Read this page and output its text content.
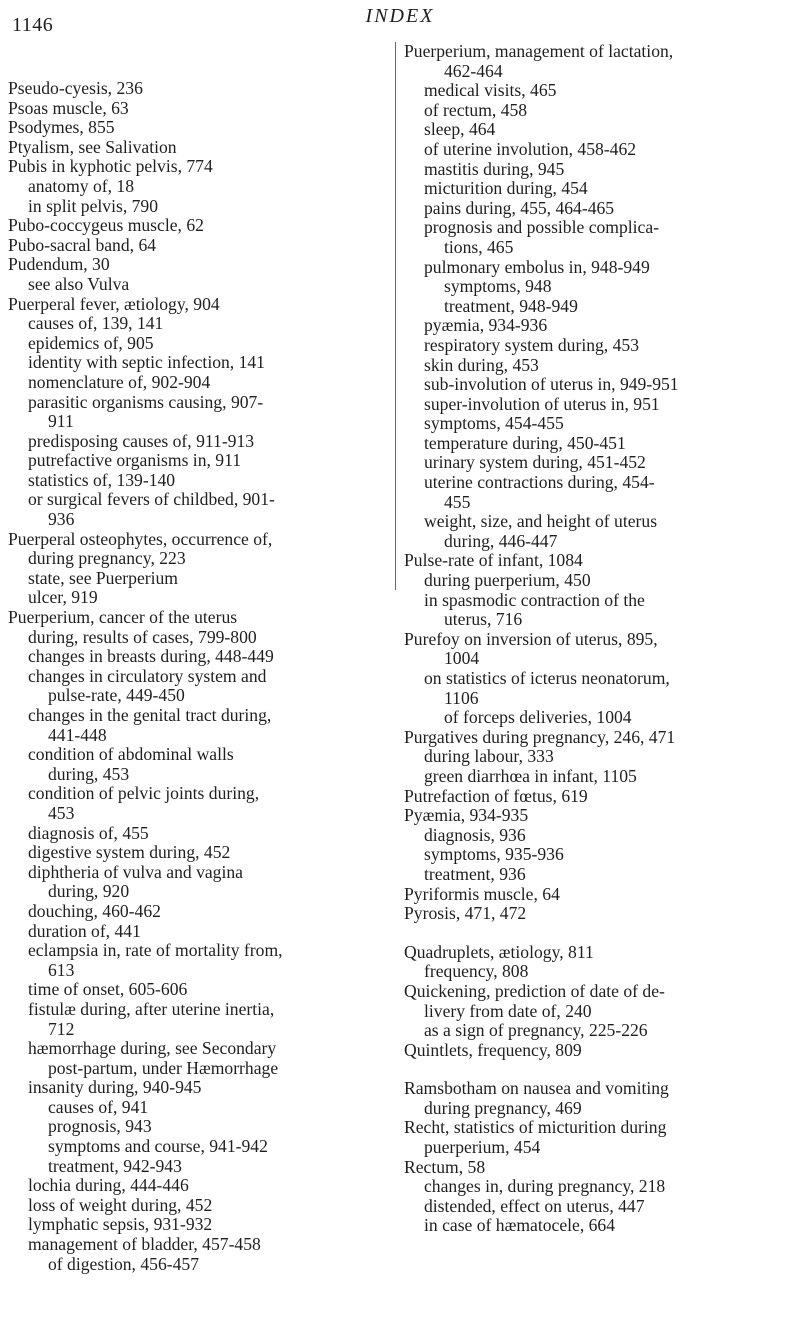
1146	INDEX
Pseudo-cyesis, 236
Psoas muscle, 63
Psodymes, 855
Ptyalism, see Salivation
Pubis in kyphotic pelvis, 774
anatomy of, 18
in split pelvis, 790
Pubo-coccygeus muscle, 62
Pubo-sacral band, 64
Pudendum, 30
see also Vulva
Puerperal fever, ætiology, 904
causes of, 139, 141
epidemics of, 905
identity with septic infection, 141
nomenclature of, 902-904
parasitic organisms causing, 907-
911
predisposing causes of, 911-913
putrefactive organisms in, 911
statistics of, 139-140
or surgical fevers of childbed, 901-
936
Puerperal osteophytes, occurrence of,
during pregnancy, 223
state, see Puerperium
ulcer, 919
Puerperium, cancer of the uterus
during, results of cases, 799-800
changes in breasts during, 448-449
changes in circulatory system and
pulse-rate, 449-450
changes in the genital tract during,
441-448
condition of abdominal walls
during, 453
condition of pelvic joints during,
453
diagnosis of, 455
digestive system during, 452
diphtheria of vulva and vagina
during, 920
douching, 460-462
duration of, 441
eclampsia in, rate of mortality from,
613
time of onset, 605-606
fistulæ during, after uterine inertia,
712
hæmorrhage during, see Secondary
post-partum, under Hæmorrhage
insanity during, 940-945
causes of, 941
prognosis, 943
symptoms and course, 941-942
treatment, 942-943
lochia during, 444-446
loss of weight during, 452
lymphatic sepsis, 931-932
management of bladder, 457-458
of digestion, 456-457
Puerperium, management of lactation,
462-464
medical visits, 465
of rectum, 458
sleep, 464
of uterine involution, 458-462
mastitis during, 945
micturition during, 454
pains during, 455, 464-465
prognosis and possible complica-
tions, 465
pulmonary embolus in, 948-949
symptoms, 948
treatment, 948-949
pyæmia, 934-936
respiratory system during, 453
skin during, 453
sub-involution of uterus in, 949-951
super-involution of uterus in, 951
symptoms, 454-455
temperature during, 450-451
urinary system during, 451-452
uterine contractions during, 454-
455
weight, size, and height of uterus
during, 446-447
Pulse-rate of infant, 1084
during puerperium, 450
in spasmodic contraction of the
uterus, 716
Purefoy on inversion of uterus, 895,
1004
on statistics of icterus neonatorum,
1106
of forceps deliveries, 1004
Purgatives during pregnancy, 246, 471
during labour, 333
green diarrhœa in infant, 1105
Putrefaction of fœtus, 619
Pyæmia, 934-935
diagnosis, 936
symptoms, 935-936
treatment, 936
Pyriformis muscle, 64
Pyrosis, 471, 472
Quadruplets, ætiology, 811
frequency, 808
Quickening, prediction of date of de-
livery from date of, 240
as a sign of pregnancy, 225-226
Quintlets, frequency, 809
Ramsbotham on nausea and vomiting
during pregnancy, 469
Recht, statistics of micturition during
puerperium, 454
Rectum, 58
changes in, during pregnancy, 218
distended, effect on uterus, 447
in case of hæmatocele, 664
